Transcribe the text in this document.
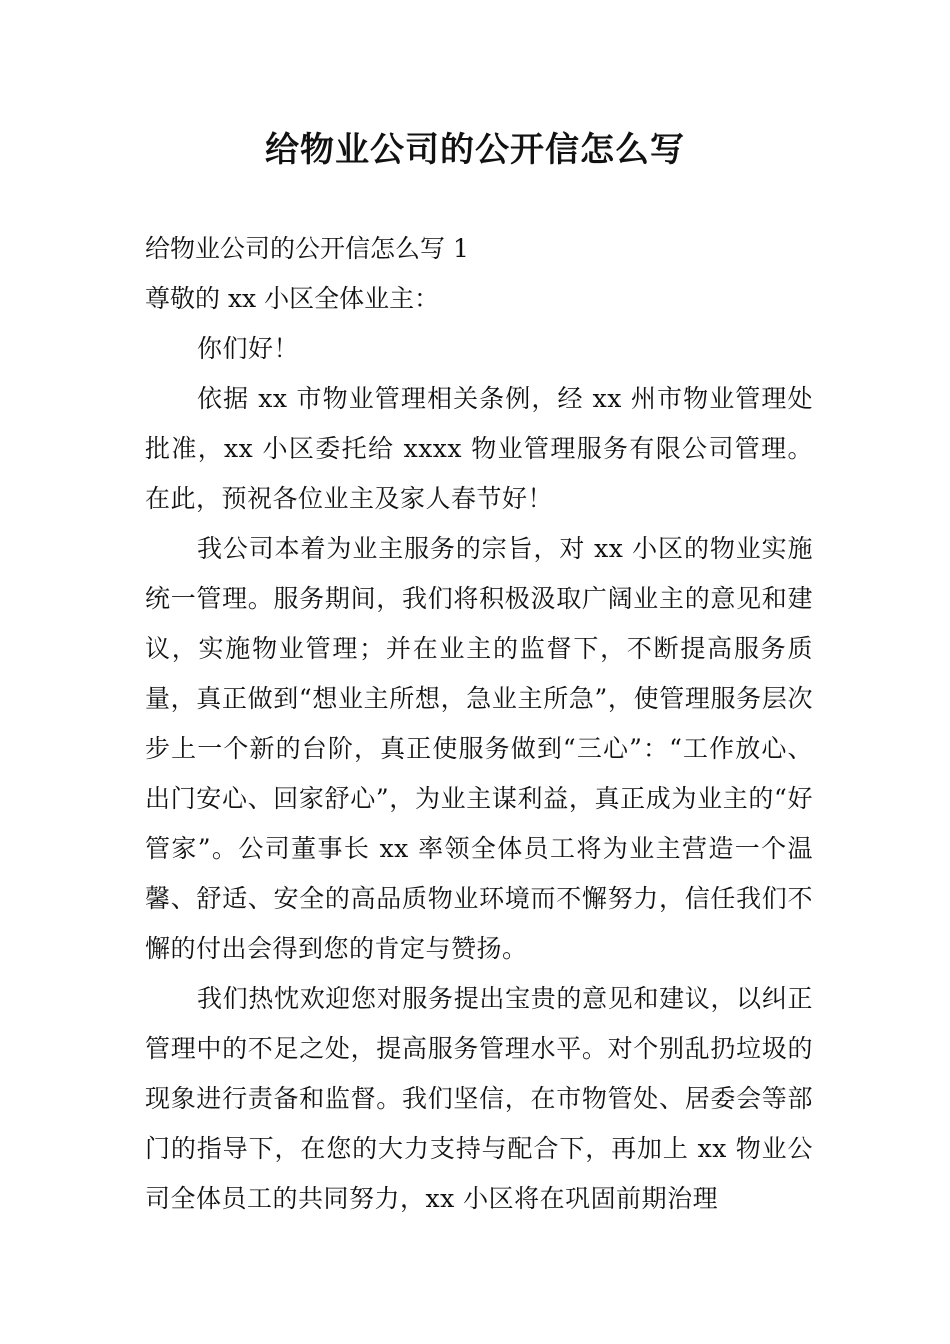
给物业公司的公开信怎么写
给物业公司的公开信怎么写 1
尊敬的 xx 小区全体业主：

你们好！

依据 xx 市物业管理相关条例，经 xx 州市物业管理处批准，xx 小区委托给 xxxx 物业管理服务有限公司管理。在此，预祝各位业主及家人春节好！

我公司本着为业主服务的宗旨，对 xx 小区的物业实施统一管理。服务期间，我们将积极汲取广阔业主的意见和建议，实施物业管理；并在业主的监督下，不断提高服务质量，真正做到“想业主所想，急业主所急”，使管理服务层次步上一个新的台阶，真正使服务做到“三心”：“工作放心、出门安心、回家舒心”，为业主谋利益，真正成为业主的“好管家”。公司董事长 xx 率领全体员工将为业主营造一个温馨、舒适、安全的高品质物业环境而不懈努力，信任我们不懈的付出会得到您的肯定与赞扬。

我们热忱欢迎您对服务提出宝贵的意见和建议，以纠正管理中的不足之处，提高服务管理水平。对个别乱扔垃圾的现象进行责备和监督。我们坚信，在市物管处、居委会等部门的指导下，在您的大力支持与配合下，再加上 xx 物业公司全体员工的共同努力，xx 小区将在巩固前期治理
